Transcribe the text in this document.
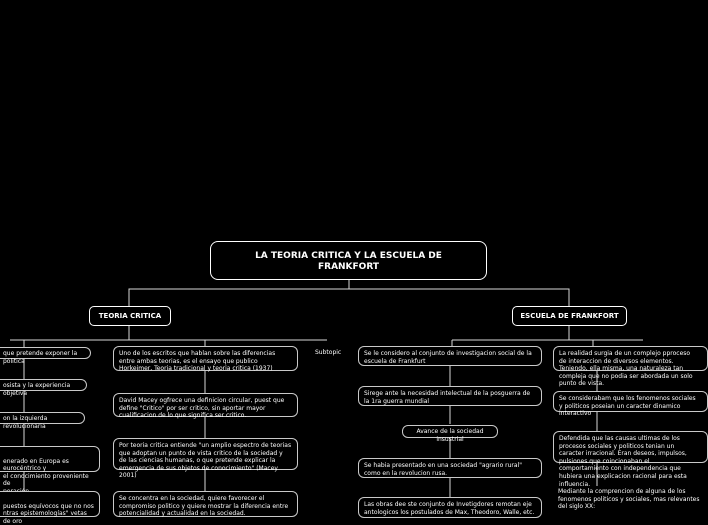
LA TEORIA CRITICA Y LA ESCUELA DE FRANKFORT
TEORIA CRITICA	ESCUELA DE FRANKFORT
que pretende exponer la politica
osista y la experiencia objetiva
on la izquierda revolucionaria

enerado en Europa es eurocéntrico y
el conocimiento proveniente de

puestos equívocos que no nos
ntras epistemologías" vetas de oro

Uno de los escritos que hablan sobre las diferencias entre ambas teorias, es el ensayo que publico Horkeimer, Teoria tradicional y teoria critica (1937)
David Macey ogfrece una definicion circular, puest que define "Critico" por ser critico, sin aportar mayor cualificacion de lo que significa ser critico.
Por teoria critica entiende "un amplio espectro de teorias que adoptan un punto de vista critico de la sociedad y de las ciencias humanas, o que pretende explicar la emergencia de sus objetos de conocimiento" (Macey 2001)
Se concentra en la sociedad, quiere favorecer el compromiso politico y quiere mostrar la diferencia entre potencialidad y actualidad en la sociedad.
Subtopic	Se le considero al conjunto de investigacion social de la escuela de Frankfurt
Sirege ante la necesidad intelectual de la posguerra de la 1ra guerra mundial
Avance de la sociedad insustrial
Se habia presentado en una sociedad "agrario rural" como en la revolucion rusa.
Las obras dee ste conjunto de Invetigdores remotan eje antologicos los postulados de Max, Theodoro, Walle, etc.
La realidad surgia de un complejo pproceso de interaccion de diversos elementos. Teniendo, ella misma, una naturaleza tan compleja que no podia ser abordada un solo punto de vista.
Se considerabam que los fenomenos sociales y politicos poseian un caracter dinamico interactivo
Defendida que las causas ultimas de los procesos sociales y politicos tenian un caracter irracional. Eran deseos, impulsos, pulsiones que coincionaban el comportamiento con independencia que hubiera una explicacion racional para esta influencia.
Mediante la comprencion de alguna de los fenomenos politicos y sociales, mas relevantes del siglo XX:
